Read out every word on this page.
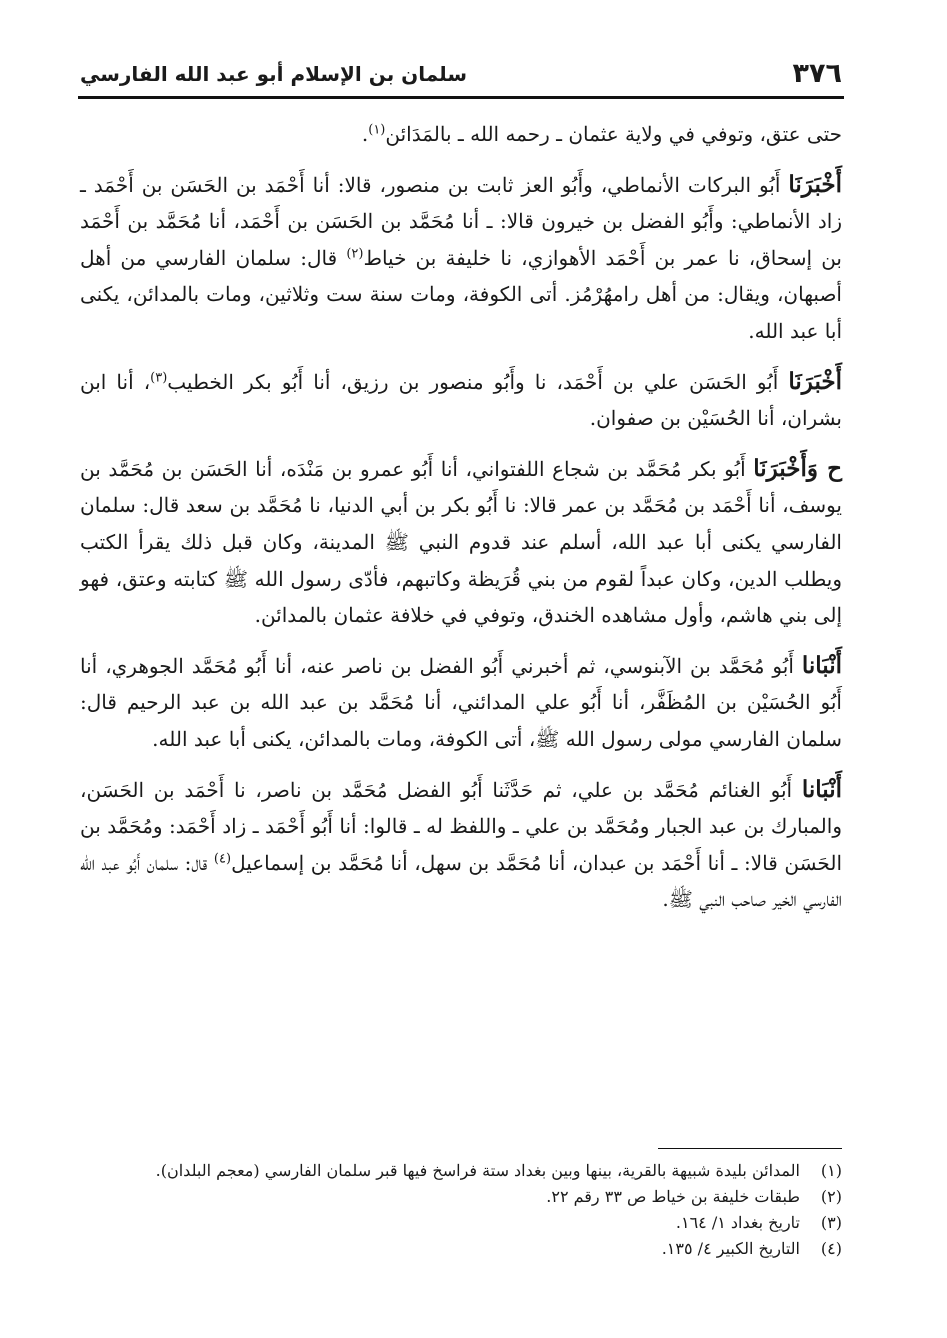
٣٧٦
سلمان بن الإسلام أبو عبد الله الفارسي

حتى عتق، وتوفي في ولاية عثمان ـ رحمه الله ـ بالمَدَائن$^{(١)}$.

أَخْبَرَنَا أَبُو البركات الأنماطي، وأَبُو العز ثابت بن منصور، قالا: أنا أَحْمَد بن الحَسَن بن أَحْمَد ـ زاد الأنماطي: وأَبُو الفضل بن خيرون قالا: ـ أنا مُحَمَّد بن الحَسَن بن أَحْمَد، أنا مُحَمَّد بن أَحْمَد بن إسحاق، نا عمر بن أَحْمَد الأهوازي، نا خليفة بن خياط$^{(٢)}$ قال: سلمان الفارسي من أهل أصبهان، ويقال: من أهل رامهُرْمُز. أتى الكوفة، ومات سنة ست وثلاثين، ومات بالمدائن، يكنى أبا عبد الله.

أَخْبَرَنَا أَبُو الحَسَن علي بن أَحْمَد، نا وأَبُو منصور بن رزيق، أنا أَبُو بكر الخطيب$^{(٣)}$، أنا ابن بشران، أنا الحُسَيْن بن صفوان.

ح وَأَخْبَرَنَا أَبُو بكر مُحَمَّد بن شجاع اللفتواني، أنا أَبُو عمرو بن مَنْدَه، أنا الحَسَن بن مُحَمَّد بن يوسف، أنا أَحْمَد بن مُحَمَّد بن عمر قالا: نا أَبُو بكر بن أبي الدنيا، نا مُحَمَّد بن سعد قال: سلمان الفارسي يكنى أبا عبد الله، أسلم عند قدوم النبي ﷺ المدينة، وكان قبل ذلك يقرأ الكتب ويطلب الدين، وكان عبداً لقوم من بني قُرَيظة وكاتبهم، فأدّى رسول الله ﷺ كتابته وعتق، فهو إلى بني هاشم، وأول مشاهده الخندق، وتوفي في خلافة عثمان بالمدائن.

أَنْبَانا أَبُو مُحَمَّد بن الآبنوسي، ثم أخبرني أَبُو الفضل بن ناصر عنه، أنا أَبُو مُحَمَّد الجوهري، أنا أَبُو الحُسَيْن بن المُظَفَّر، أنا أَبُو علي المدائني، أنا مُحَمَّد بن عبد الله بن عبد الرحيم قال: سلمان الفارسي مولى رسول الله ﷺ، أتى الكوفة، ومات بالمدائن، يكنى أبا عبد الله.

أَنْبَانا أَبُو الغنائم مُحَمَّد بن علي، ثم حَدَّثَنا أَبُو الفضل مُحَمَّد بن ناصر، نا أَحْمَد بن الحَسَن، والمبارك بن عبد الجبار ومُحَمَّد بن علي ـ واللفظ له ـ قالوا: أنا أَبُو أَحْمَد ـ زاد أَحْمَد: ومُحَمَّد بن الحَسَن قالا: ـ أنا أَحْمَد بن عبدان، أنا مُحَمَّد بن سهل، أنا مُحَمَّد بن إسماعيل$^{(٤)}$ قال: سلمان أَبُو عبد الله الفارسي الخير صاحب النبي ﷺ.

(١)
المدائن بليدة شبيهة بالقرية، بينها وبين بغداد ستة فراسخ فيها قبر سلمان الفارسي (معجم البلدان).
(٢)
طبقات خليفة بن خياط ص ٣٣ رقم ٢٢.
(٣)
تاريخ بغداد ١/ ١٦٤.
(٤)
التاريخ الكبير ٤/ ١٣٥.
